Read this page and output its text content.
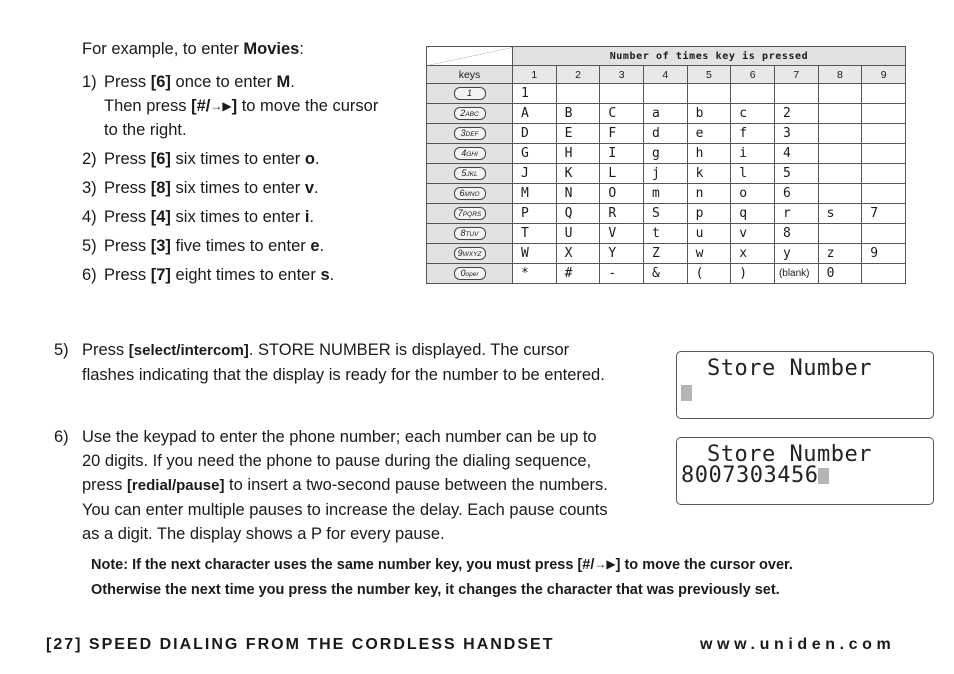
For example, to enter Movies:
1) Press [6] once to enter M.
Then press [#/→▶] to move the cursor
to the right.
2) Press [6] six times to enter o.
3) Press [8] six times to enter v.
4) Press [4] six times to enter i.
5) Press [3] five times to enter e.
6) Press [7] eight times to enter s.
	Number of times key is pressed								
keys	1	2	3	4	5	6	7	8	9
1	1								
2ABC	A	B	C	a	b	c	2		
3DEF	D	E	F	d	e	f	3		
4GHI	G	H	I	g	h	i	4		
5JKL	J	K	L	j	k	l	5		
6MNO	M	N	O	m	n	o	6		
7PQRS	P	Q	R	S	p	q	r	s	7
8TUV	T	U	V	t	u	v	8		
9WXYZ	W	X	Y	Z	w	x	y	z	9
0oper	*	#	-	&	(	)	(blank)	0	
5) Press [select/intercom]. STORE NUMBER is displayed. The cursor
flashes indicating that the display is ready for the number to be entered.	Store Number
6) Use the keypad to enter the phone number; each number can be up to
20 digits. If you need the phone to pause during the dialing sequence,
press [redial/pause] to insert a two-second pause between the numbers.
You can enter multiple pauses to increase the delay. Each pause counts
as a digit. The display shows a P for every pause.
Store Number
8007303456
Note: If the next character uses the same number key, you must press [#/→▶] to move the cursor over.
Otherwise the next time you press the number key, it changes the character that was previously set.
[27] SPEED DIALING FROM THE CORDLESS HANDSET	www.uniden.com
